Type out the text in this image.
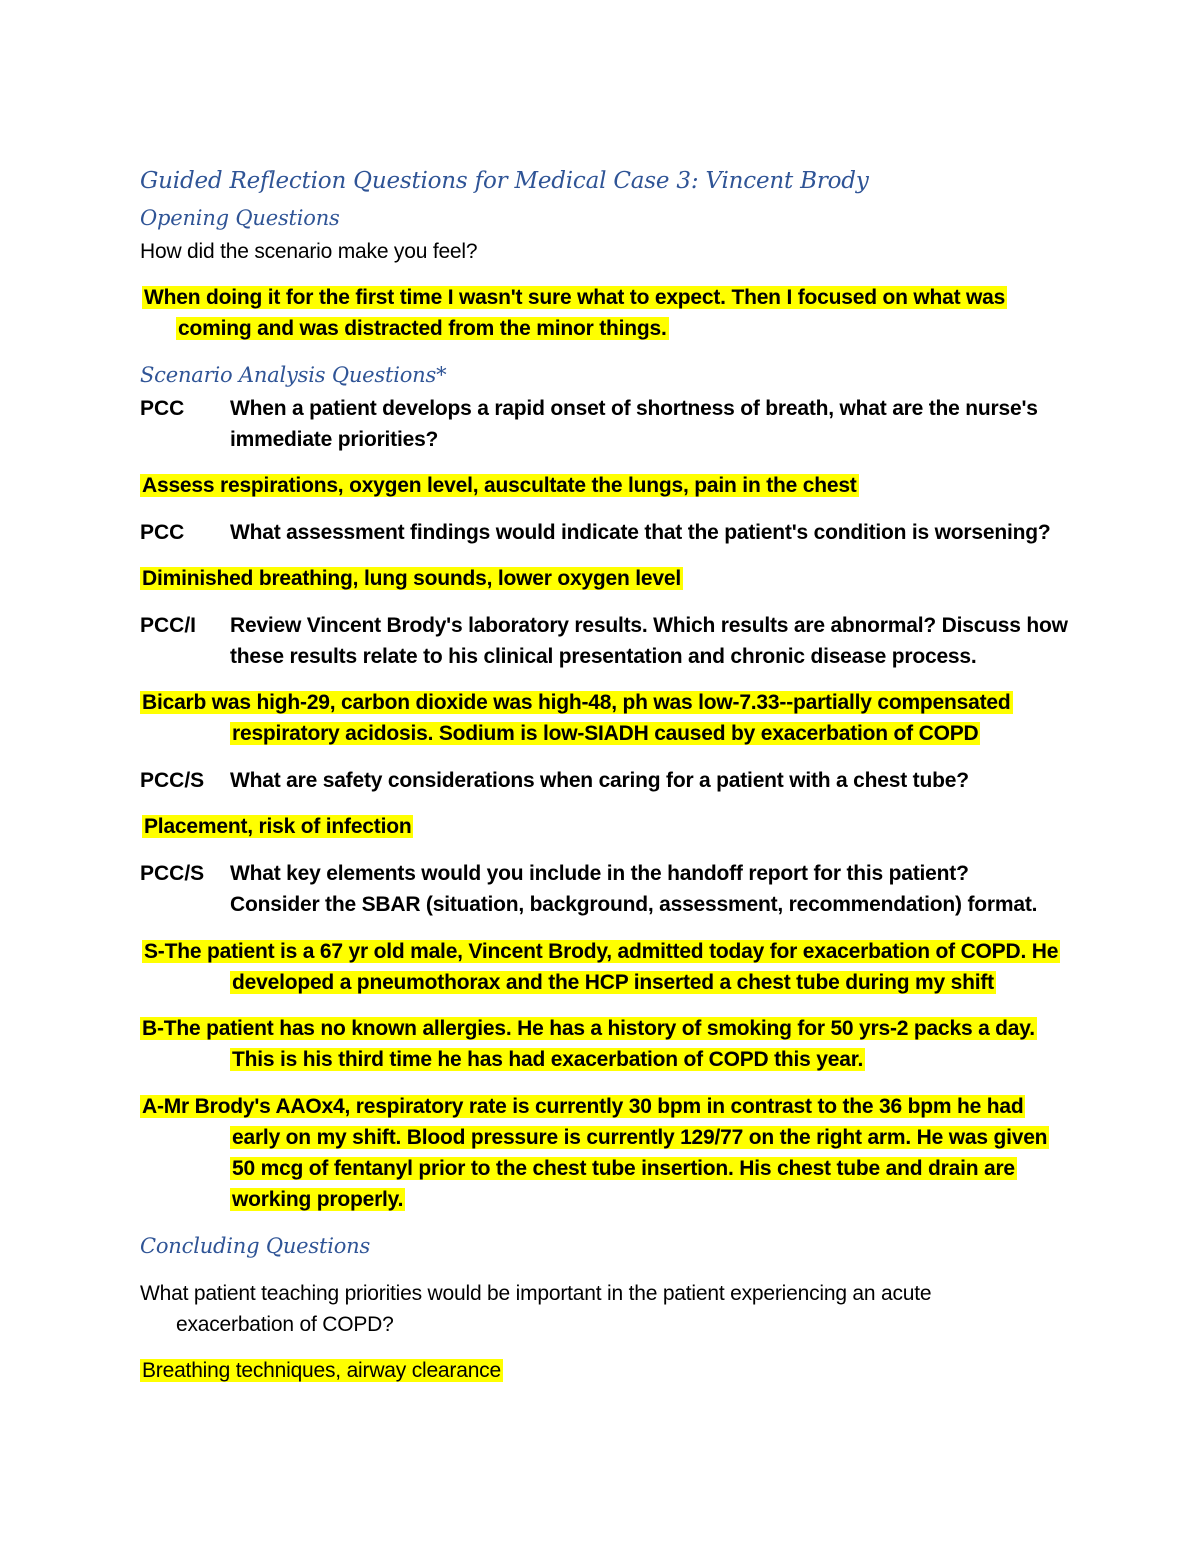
Guided Reflection Questions for Medical Case 3: Vincent Brody
Opening Questions
How did the scenario make you feel?
When doing it for the first time I wasn't sure what to expect. Then I focused on what was
coming and was distracted from the minor things.
Scenario Analysis Questions*
PCC When a patient develops a rapid onset of shortness of breath, what are the nurse's
immediate priorities?
Assess respirations, oxygen level, auscultate the lungs, pain in the chest
PCC What assessment findings would indicate that the patient's condition is worsening?
Diminished breathing, lung sounds, lower oxygen level
PCC/I Review Vincent Brody's laboratory results. Which results are abnormal? Discuss how
these results relate to his clinical presentation and chronic disease process.
Bicarb was high-29, carbon dioxide was high-48, ph was low-7.33--partially compensated
respiratory acidosis. Sodium is low-SIADH caused by exacerbation of COPD
PCC/S What are safety considerations when caring for a patient with a chest tube?
Placement, risk of infection
PCC/S What key elements would you include in the handoff report for this patient?
Consider the SBAR (situation, background, assessment, recommendation) format.
S-The patient is a 67 yr old male, Vincent Brody, admitted today for exacerbation of COPD. He
developed a pneumothorax and the HCP inserted a chest tube during my shift
B-The patient has no known allergies. He has a history of smoking for 50 yrs-2 packs a day.
This is his third time he has had exacerbation of COPD this year.
A-Mr Brody's AAOx4, respiratory rate is currently 30 bpm in contrast to the 36 bpm he had
early on my shift. Blood pressure is currently 129/77 on the right arm. He was given
50 mcg of fentanyl prior to the chest tube insertion. His chest tube and drain are
working properly.
Concluding Questions
What patient teaching priorities would be important in the patient experiencing an acute
exacerbation of COPD?
Breathing techniques, airway clearance
